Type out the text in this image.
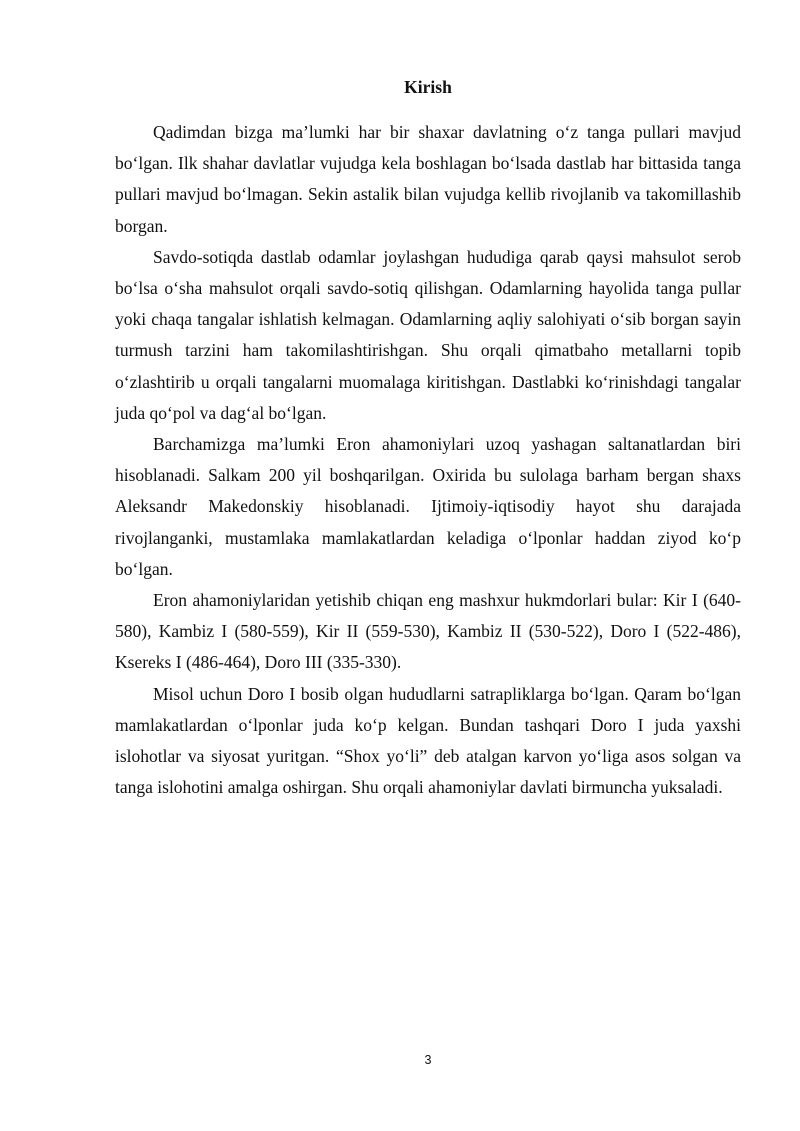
Kirish

Qadimdan bizga ma’lumki har bir shaxar davlatning o‘z tanga pullari mavjud bo‘lgan. Ilk shahar davlatlar vujudga kela boshlagan bo‘lsada dastlab har bittasida tanga pullari mavjud bo‘lmagan. Sekin astalik bilan vujudga kellib rivojlanib va takomillashib borgan.

Savdo-sotiqda dastlab odamlar joylashgan hududiga qarab qaysi mahsulot serob bo‘lsa o‘sha mahsulot orqali savdo-sotiq qilishgan. Odamlarning hayolida tanga pullar yoki chaqa tangalar ishlatish kelmagan. Odamlarning aqliy salohiyati o‘sib borgan sayin turmush tarzini ham takomilashtirishgan. Shu orqali qimatbaho metallarni topib o‘zlashtirib u orqali tangalarni muomalaga kiritishgan. Dastlabki ko‘rinishdagi tangalar juda qo‘pol va dag‘al bo‘lgan.

Barchamizga ma’lumki Eron ahamoniylari uzoq yashagan saltanatlardan biri hisoblanadi. Salkam 200 yil boshqarilgan. Oxirida bu sulolaga barham bergan shaxs Aleksandr Makedonskiy hisoblanadi. Ijtimoiy-iqtisodiy hayot shu darajada rivojlanganki, mustamlaka mamlakatlardan keladiga o‘lponlar haddan ziyod ko‘p bo‘lgan.

Eron ahamoniylaridan yetishib chiqan eng mashxur hukmdorlari bular: Kir I (640-580), Kambiz I (580-559), Kir II (559-530), Kambiz II (530-522), Doro I (522-486), Ksereks I (486-464), Doro III (335-330).

Misol uchun Doro I bosib olgan hududlarni satrapliklarga bo‘lgan. Qaram bo‘lgan mamlakatlardan o‘lponlar juda ko‘p kelgan. Bundan tashqari Doro I juda yaxshi islohotlar va siyosat yuritgan. “Shox yo‘li” deb atalgan karvon yo‘liga asos solgan va tanga islohotini amalga oshirgan. Shu orqali ahamoniylar davlati birmuncha yuksaladi.

3
